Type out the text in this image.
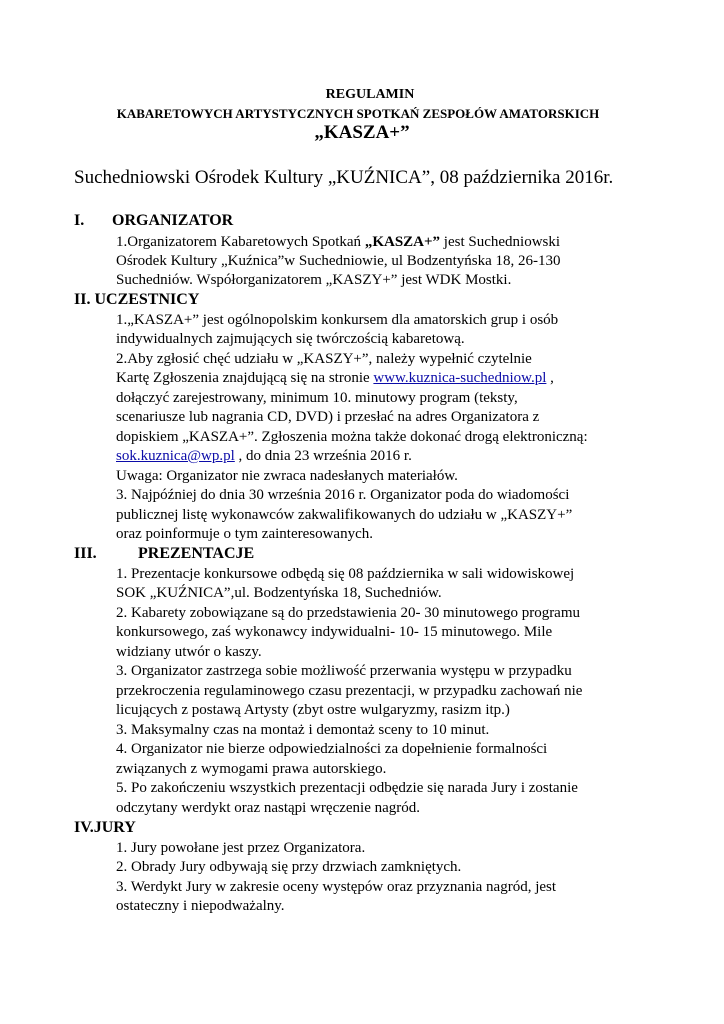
REGULAMIN
KABARETOWYCH ARTYSTYCZNYCH SPOTKAŃ ZESPOŁÓW AMATORSKICH
„KASZA+”
Suchedniowski Ośrodek Kultury „KUŹNICA”, 08 października 2016r.
I. ORGANIZATOR
1.Organizatorem Kabaretowych Spotkań „KASZA+” jest Suchedniowski
Ośrodek Kultury „Kuźnica”w Suchedniowie, ul Bodzentyńska 18, 26-130
Suchedniów. Współorganizatorem „KASZY+” jest WDK Mostki.
II. UCZESTNICY
1.„KASZA+” jest ogólnopolskim konkursem dla amatorskich grup i osób
indywidualnych zajmujących się twórczością kabaretową.
2.Aby zgłosić chęć udziału w „KASZY+”, należy wypełnić czytelnie
Kartę Zgłoszenia znajdującą się na stronie www.kuznica-suchedniow.pl ,
dołączyć zarejestrowany, minimum 10. minutowy program (teksty,
scenariusze lub nagrania CD, DVD) i przesłać na adres Organizatora z
dopiskiem „KASZA+”. Zgłoszenia można także dokonać drogą elektroniczną:
sok.kuznica@wp.pl , do dnia 23 września 2016 r.
Uwaga: Organizator nie zwraca nadesłanych materiałów.
3. Najpóźniej do dnia 30 września 2016 r. Organizator poda do wiadomości
publicznej listę wykonawców zakwalifikowanych do udziału w „KASZY+”
oraz poinformuje o tym zainteresowanych.
III.	PREZENTACJE
1. Prezentacje konkursowe odbędą się 08 października w sali widowiskowej
SOK „KUŹNICA”,ul. Bodzentyńska 18, Suchedniów.
2. Kabarety zobowiązane są do przedstawienia 20- 30 minutowego programu
konkursowego, zaś wykonawcy indywidualni- 10- 15 minutowego. Mile
widziany utwór o kaszy.
3. Organizator zastrzega sobie możliwość przerwania występu w przypadku
przekroczenia regulaminowego czasu prezentacji, w przypadku zachowań nie
licujących z postawą Artysty (zbyt ostre wulgaryzmy, rasizm itp.)
3. Maksymalny czas na montaż i demontaż sceny to 10 minut.
4. Organizator nie bierze odpowiedzialności za dopełnienie formalności
związanych z wymogami prawa autorskiego.
5. Po zakończeniu wszystkich prezentacji odbędzie się narada Jury i zostanie
odczytany werdykt oraz nastąpi wręczenie nagród.
IV.JURY
1. Jury powołane jest przez Organizatora.
2. Obrady Jury odbywają się przy drzwiach zamkniętych.
3. Werdykt Jury w zakresie oceny występów oraz przyznania nagród, jest
ostateczny i niepodważalny.
